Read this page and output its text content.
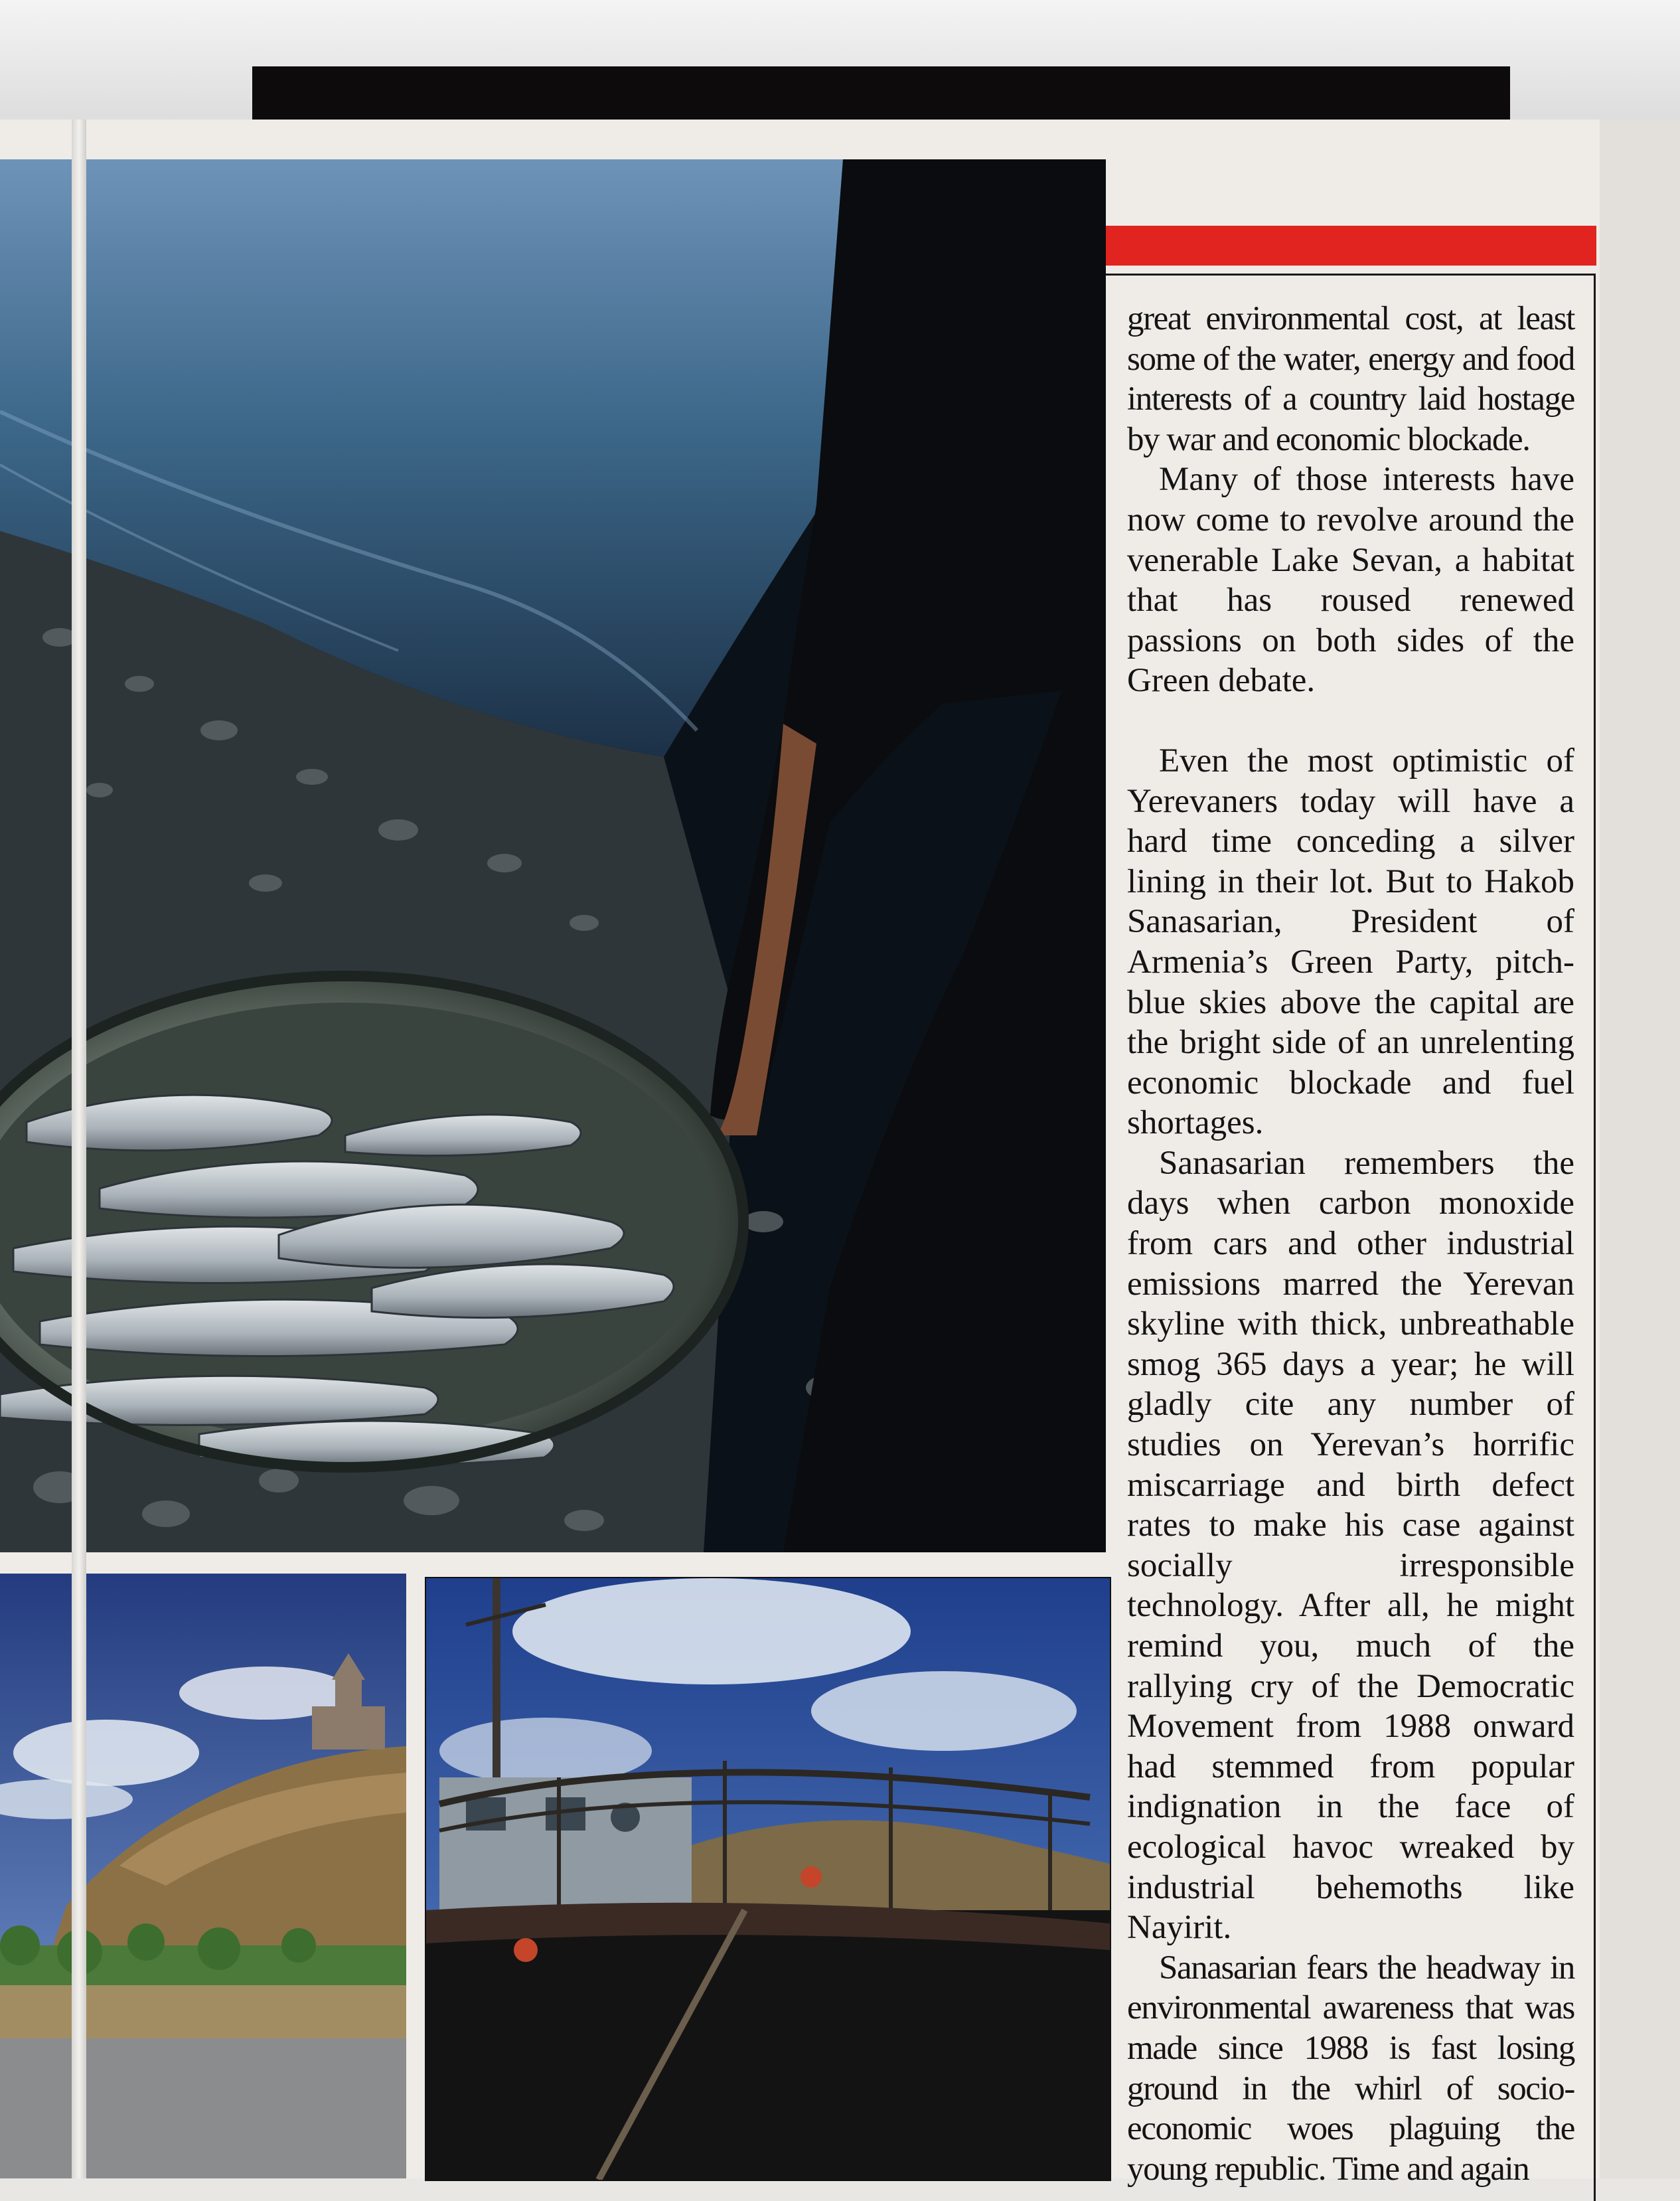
great environmental cost, at least some of the water, energy and food interests of a country laid hostage by war and economic blockade.

Many of those interests have now come to revolve around the venerable Lake Sevan, a habitat that has roused renewed passions on both sides of the Green debate.

Even the most optimistic of Yerevaners today will have a hard time conceding a silver lining in their lot. But to Hakob Sanasarian, President of Armenia’s Green Party, pitch-blue skies above the capital are the bright side of an unrelenting economic blockade and fuel shortages.

Sanasarian remembers the days when carbon monoxide from cars and other industrial emissions marred the Yerevan skyline with thick, unbreathable smog 365 days a year; he will gladly cite any number of studies on Yerevan’s horrific miscarriage and birth defect rates to make his case against socially irresponsible technology. After all, he might remind you, much of the rallying cry of the Democratic Movement from 1988 onward had stemmed from popular indignation in the face of ecological havoc wreaked by industrial behemoths like Nayirit.

Sanasarian fears the headway in environmental awareness that was made since 1988 is fast losing ground in the whirl of socio-economic woes plaguing the young republic. Time and again
